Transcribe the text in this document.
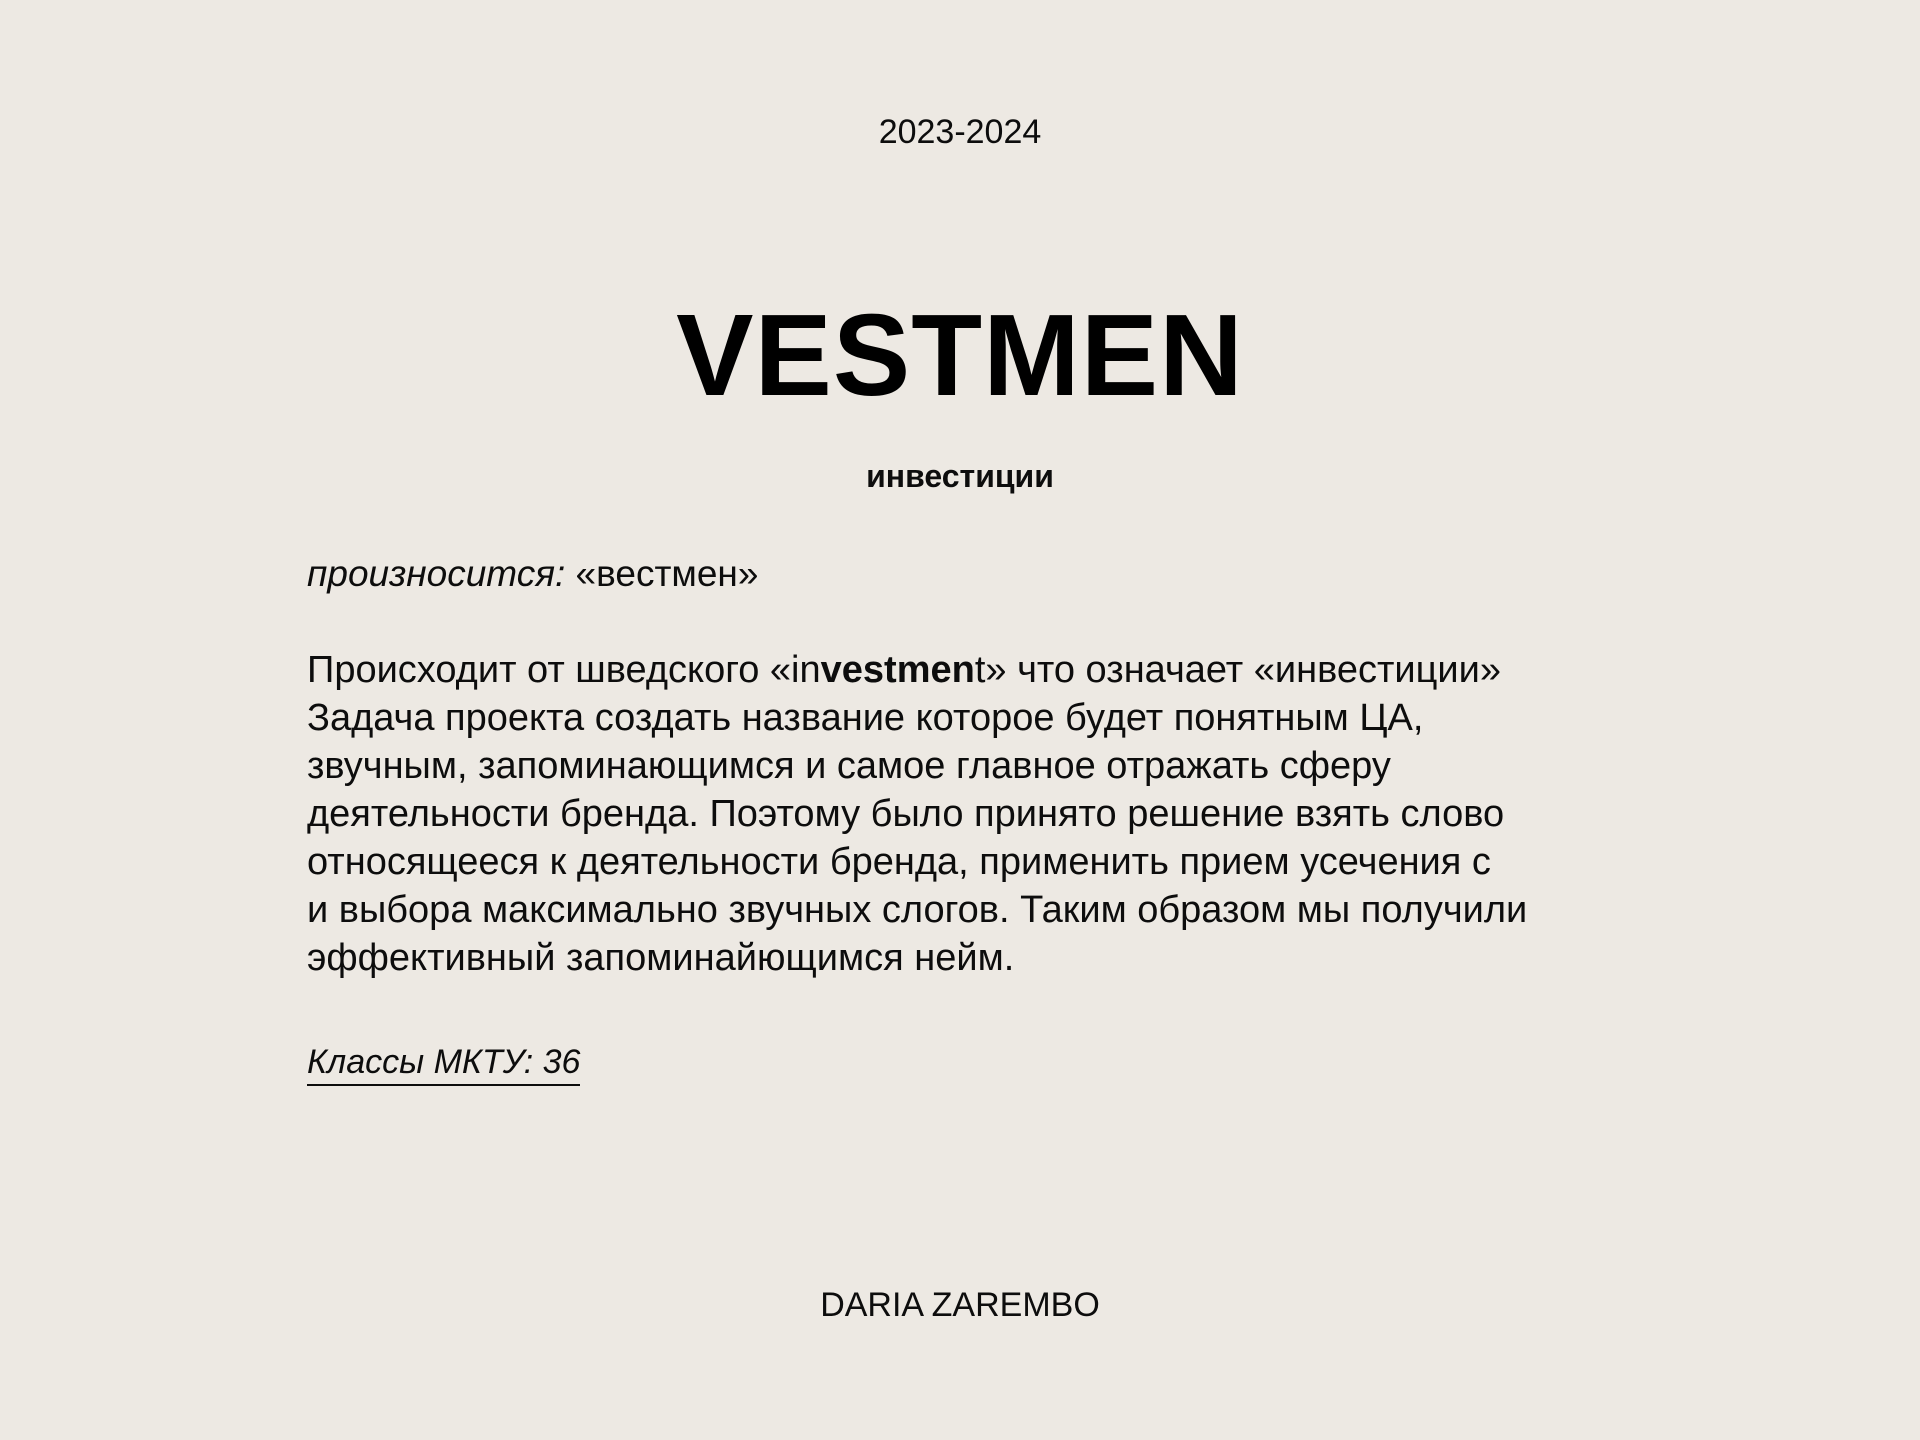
2023-2024
VESTMEN
инвестиции

произносится: «вестмен»

Происходит от шведского «investment» что означает «инвестиции»

Задача проекта создать название которое будет понятным ЦА,

звучным, запоминающимся и самое главное отражать сферу

деятельности бренда. Поэтому было принято решение взять слово

относящееся к деятельности бренда, применить прием усечения с

и выбора максимально звучных слогов. Таким образом мы получили

эффективный запоминайющимся нейм.

Классы МКТУ: 36
DARIA ZAREMBO
